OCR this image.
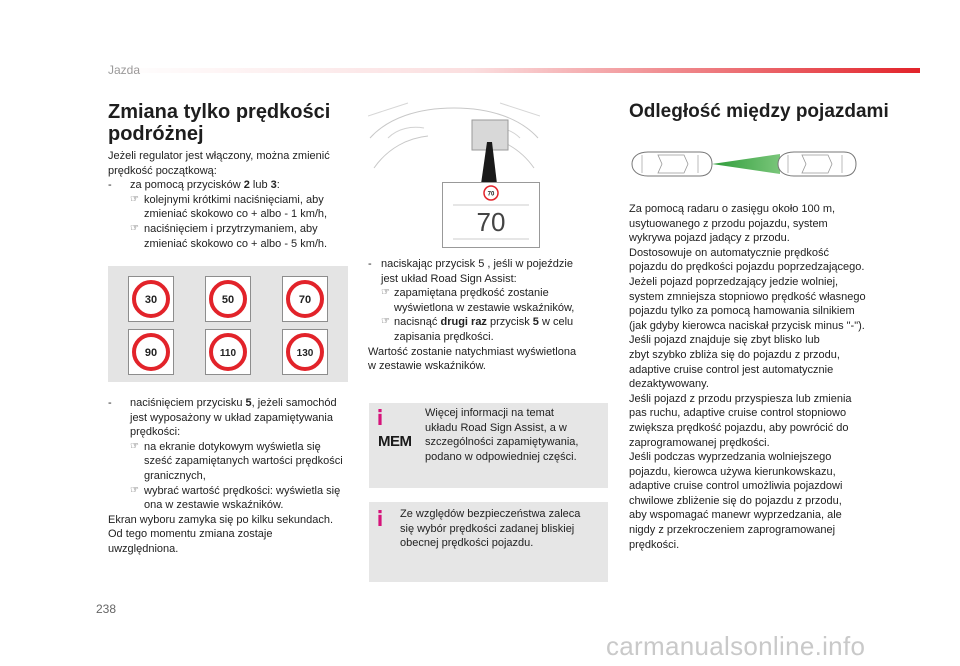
Zmiana tylko prędkości
podróżnej
Jeżeli regulator jest włączony, można zmienić
prędkość początkową:
- za pomocą przycisków 2 lub 3:
☞ kolejnymi krótkimi naciśnięciami, aby
zmieniać skokowo co + albo - 1 km/h,
☞ naciśnięciem i przytrzymaniem, aby
zmieniać skokowo co + albo - 5 km/h.
30	50	70
90	110	130
- naciśnięciem przycisku 5, jeżeli samochód
jest wyposażony w układ zapamiętywania
prędkości:
☞ na ekranie dotykowym wyświetla się
sześć zapamiętanych wartości prędkości
granicznych,
☞ wybrać wartość prędkości: wyświetla się
ona w zestawie wskaźników.
Ekran wyboru zamyka się po kilku sekundach.
Od tego momentu zmiana zostaje
uwzględniona.
70
70
- naciskając przycisk 5 , jeśli w pojeździe
jest układ Road Sign Assist:
☞ zapamiętana prędkość zostanie
wyświetlona w zestawie wskaźników,
☞ nacisnąć drugi raz przycisk 5 w celu
zapisania prędkości.
Wartość zostanie natychmiast wyświetlona
w zestawie wskaźników.
MEM
Więcej informacji na temat
układu Road Sign Assist, a w
szczególności zapamiętywania,
podano w odpowiedniej części.
Ze względów bezpieczeństwa zaleca
się wybór prędkości zadanej bliskiej
obecnej prędkości pojazdu.
Odległość między pojazdami
Za pomocą radaru o zasięgu około 100 m,
usytuowanego z przodu pojazdu, system
wykrywa pojazd jadący z przodu.
Dostosowuje on automatycznie prędkość
pojazdu do prędkości pojazdu poprzedzającego.
Jeżeli pojazd poprzedzający jedzie wolniej,
system zmniejsza stopniowo prędkość własnego
pojazdu tylko za pomocą hamowania silnikiem
(jak gdyby kierowca naciskał przycisk minus "-").
Jeśli pojazd znajduje się zbyt blisko lub
zbyt szybko zbliża się do pojazdu z przodu,
adaptive cruise control jest automatycznie
dezaktywowany.
Jeśli pojazd z przodu przyspiesza lub zmienia
pas ruchu, adaptive cruise control stopniowo
zwiększa prędkość pojazdu, aby powrócić do
zaprogramowanej prędkości.
Jeśli podczas wyprzedzania wolniejszego
pojazdu, kierowca używa kierunkowskazu,
adaptive cruise control umożliwia pojazdowi
chwilowe zbliżenie się do pojazdu z przodu,
aby wspomagać manewr wyprzedzania, ale
nigdy z przekroczeniem zaprogramowanej
prędkości.
238
carmanualsonline.info
